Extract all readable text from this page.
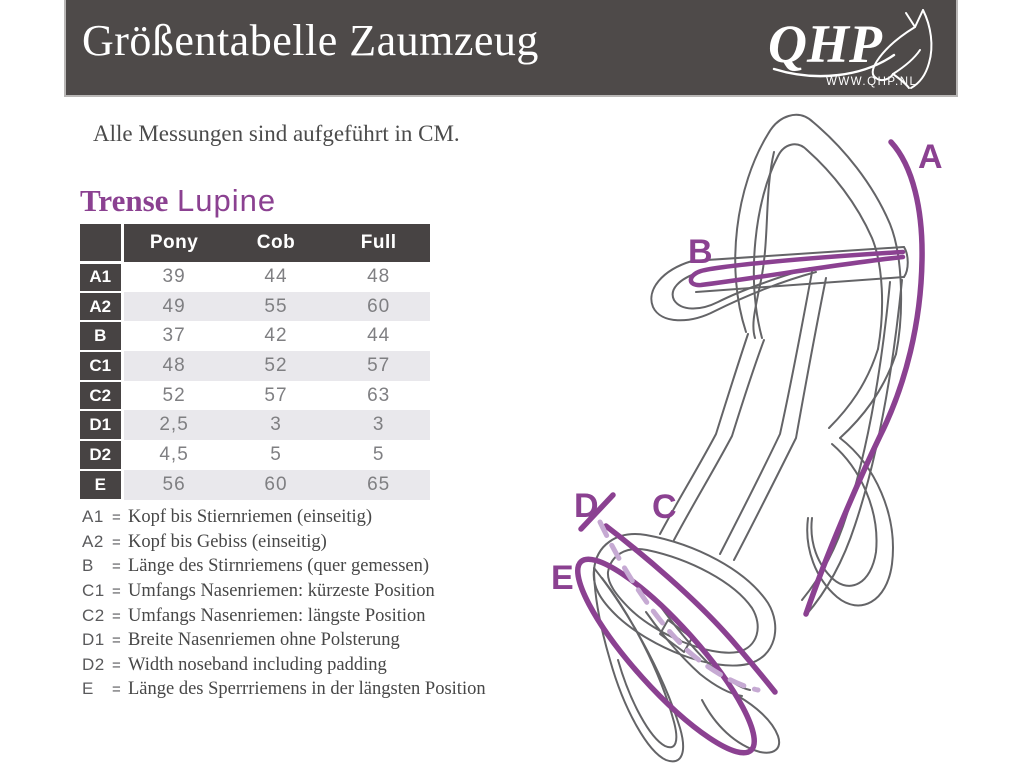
Größentabelle Zaumzeug	QHP
WWW.QHP.NL
Alle Messungen sind aufgeführt in CM.
Trense Lupine
	Pony	Cob	Full
A1	39	44	48
A2	49	55	60
B	37	42	44
C1	48	52	57
C2	52	57	63
D1	2,5	3	3
D2	4,5	5	5
E	56	60	65
A1 = Kopf bis Stiernriemen (einseitig)
A2 = Kopf bis Gebiss (einseitig)
B	= Länge des Stirnriemens (quer gemessen)
C1 = Umfangs Nasenriemen: kürzeste Position
C2 = Umfangs Nasenriemen: längste Position
D1 = Breite Nasenriemen ohne Polsterung
D2 = Width noseband including padding
E	= Länge des Sperrriemens in der längsten Position
A
B
C
D
E
